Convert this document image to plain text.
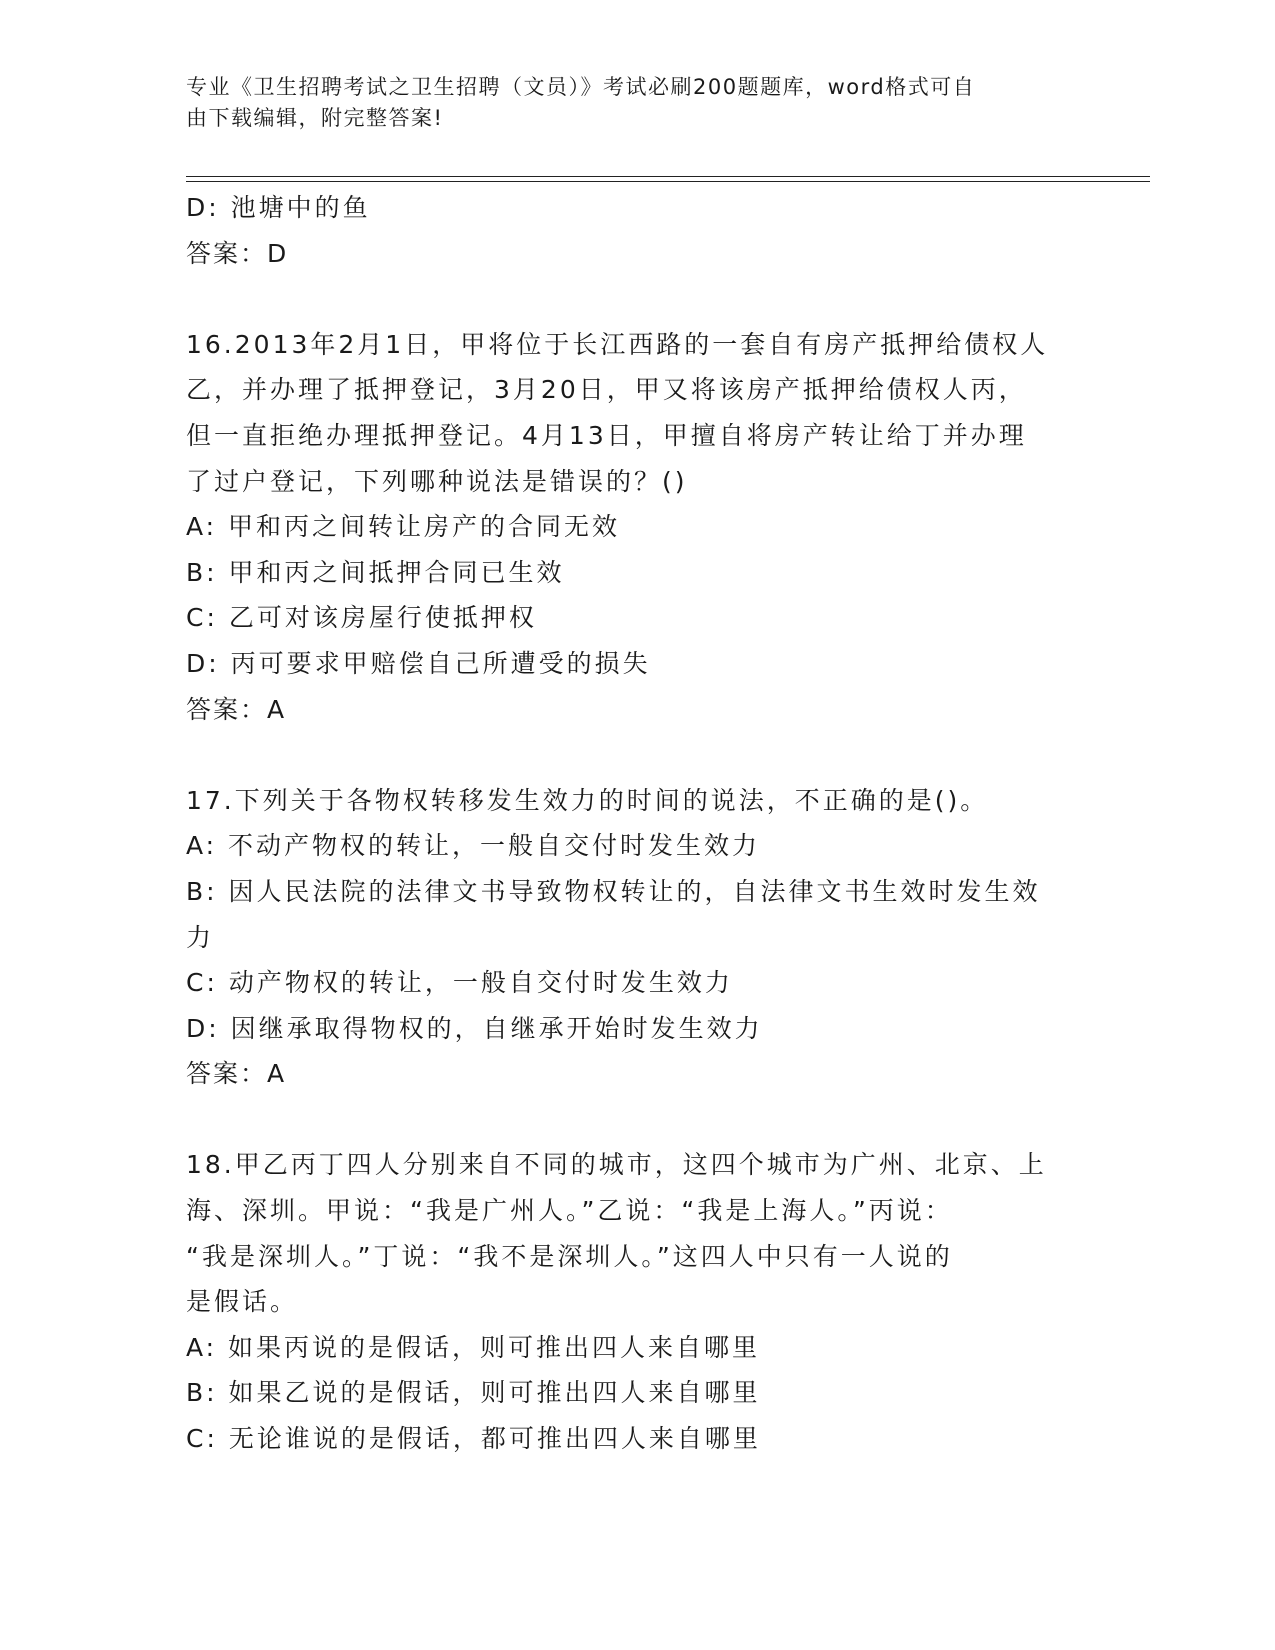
专业《卫生招聘考试之卫生招聘（文员）》考试必刷200题题库，word格式可自
由下载编辑，附完整答案!
D: 池塘中的鱼
答案：D
16.2013年2月1日，甲将位于长江西路的一套自有房产抵押给债权人
乙，并办理了抵押登记，3月20日，甲又将该房产抵押给债权人丙，
但一直拒绝办理抵押登记。4月13日，甲擅自将房产转让给丁并办理
了过户登记，下列哪种说法是错误的？()
A: 甲和丙之间转让房产的合同无效
B: 甲和丙之间抵押合同已生效
C: 乙可对该房屋行使抵押权
D: 丙可要求甲赔偿自己所遭受的损失
答案：A
17.下列关于各物权转移发生效力的时间的说法，不正确的是()。
A: 不动产物权的转让，一般自交付时发生效力
B: 因人民法院的法律文书导致物权转让的，自法律文书生效时发生效
力
C: 动产物权的转让，一般自交付时发生效力
D: 因继承取得物权的，自继承开始时发生效力
答案：A
18.甲乙丙丁四人分别来自不同的城市，这四个城市为广州、北京、上
海、深圳。甲说：“我是广州人。”乙说：“我是上海人。”丙说：
“我是深圳人。”丁说：“我不是深圳人。”这四人中只有一人说的
是假话。
A: 如果丙说的是假话，则可推出四人来自哪里
B: 如果乙说的是假话，则可推出四人来自哪里
C: 无论谁说的是假话，都可推出四人来自哪里
